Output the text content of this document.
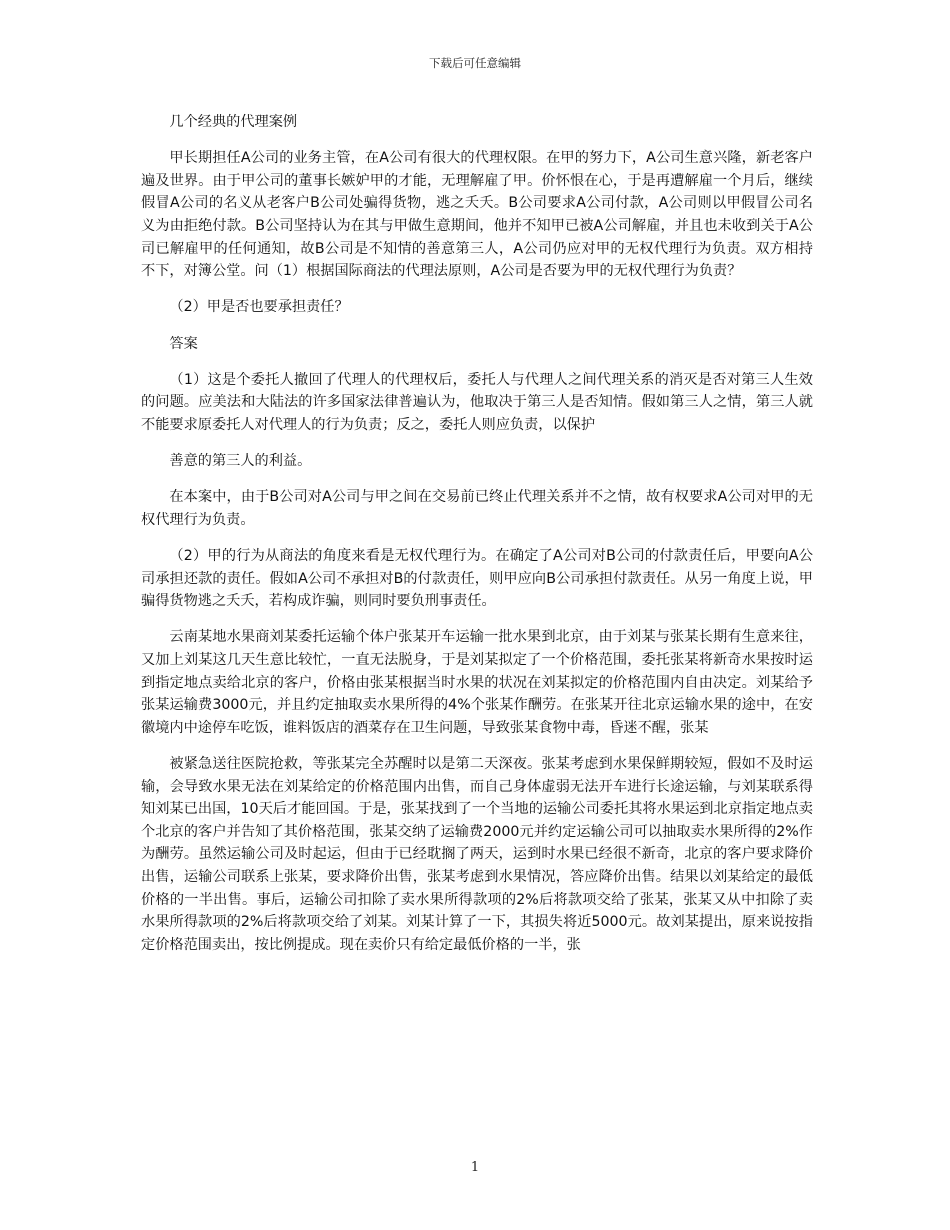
下载后可任意编辑

几个经典的代理案例

甲长期担任A公司的业务主管，在A公司有很大的代理权限。在甲的努力下，A公司生意兴隆，新老客户遍及世界。由于甲公司的董事长嫉妒甲的才能，无理解雇了甲。价怀恨在心，于是再遭解雇一个月后，继续假冒A公司的名义从老客户B公司处骗得货物，逃之夭夭。B公司要求A公司付款，A公司则以甲假冒公司名义为由拒绝付款。B公司坚持认为在其与甲做生意期间，他并不知甲已被A公司解雇，并且也未收到关于A公司已解雇甲的任何通知，故B公司是不知情的善意第三人，A公司仍应对甲的无权代理行为负责。双方相持不下，对簿公堂。问（1）根据国际商法的代理法原则，A公司是否要为甲的无权代理行为负责？

（2）甲是否也要承担责任？

答案

（1）这是个委托人撤回了代理人的代理权后，委托人与代理人之间代理关系的消灭是否对第三人生效的问题。应美法和大陆法的许多国家法律普遍认为，他取决于第三人是否知情。假如第三人之情，第三人就不能要求原委托人对代理人的行为负责；反之，委托人则应负责，以保护

善意的第三人的利益。

在本案中，由于B公司对A公司与甲之间在交易前已终止代理关系并不之情，故有权要求A公司对甲的无权代理行为负责。

（2）甲的行为从商法的角度来看是无权代理行为。在确定了A公司对B公司的付款责任后，甲要向A公司承担还款的责任。假如A公司不承担对B的付款责任，则甲应向B公司承担付款责任。从另一角度上说，甲骗得货物逃之夭夭，若构成诈骗，则同时要负刑事责任。

云南某地水果商刘某委托运输个体户张某开车运输一批水果到北京，由于刘某与张某长期有生意来往，又加上刘某这几天生意比较忙，一直无法脱身，于是刘某拟定了一个价格范围，委托张某将新奇水果按时运到指定地点卖给北京的客户，价格由张某根据当时水果的状况在刘某拟定的价格范围内自由决定。刘某给予张某运输费3000元，并且约定抽取卖水果所得的4%个张某作酬劳。在张某开往北京运输水果的途中，在安徽境内中途停车吃饭，谁料饭店的酒菜存在卫生问题，导致张某食物中毒，昏迷不醒，张某

被紧急送往医院抢救，等张某完全苏醒时以是第二天深夜。张某考虑到水果保鲜期较短，假如不及时运输，会导致水果无法在刘某给定的价格范围内出售，而自己身体虚弱无法开车进行长途运输，与刘某联系得知刘某已出国，10天后才能回国。于是，张某找到了一个当地的运输公司委托其将水果运到北京指定地点卖个北京的客户并告知了其价格范围，张某交纳了运输费2000元并约定运输公司可以抽取卖水果所得的2%作为酬劳。虽然运输公司及时起运，但由于已经耽搁了两天，运到时水果已经很不新奇，北京的客户要求降价出售，运输公司联系上张某，要求降价出售，张某考虑到水果情况，答应降价出售。结果以刘某给定的最低价格的一半出售。事后，运输公司扣除了卖水果所得款项的2%后将款项交给了张某，张某又从中扣除了卖水果所得款项的2%后将款项交给了刘某。刘某计算了一下，其损失将近5000元。故刘某提出，原来说按指定价格范围卖出，按比例提成。现在卖价只有给定最低价格的一半，张

1
